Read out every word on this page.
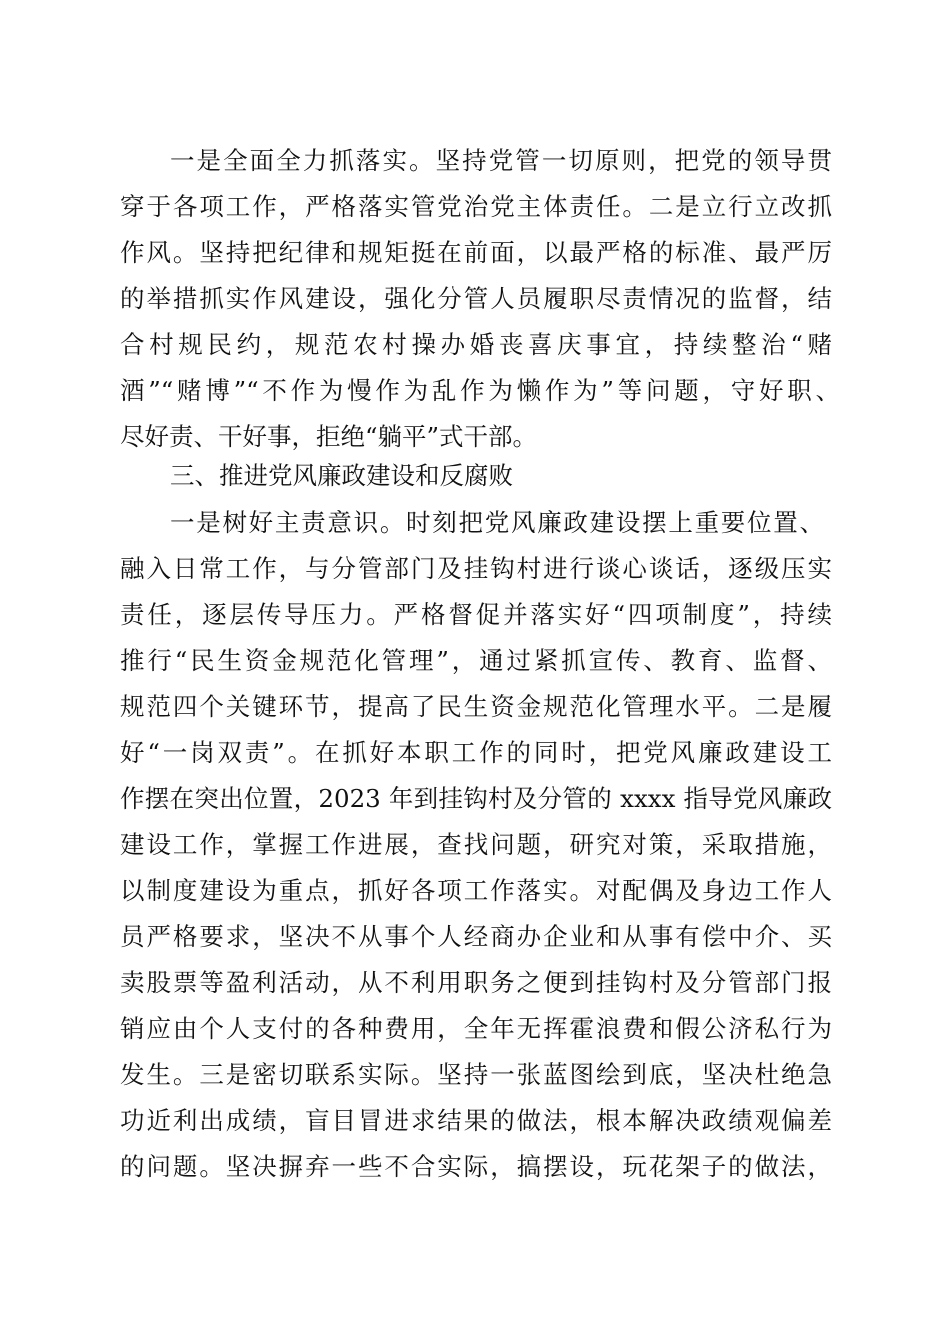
一是全面全力抓落实。坚持党管一切原则，把党的领导贯
穿于各项工作，严格落实管党治党主体责任。二是立行立改抓
作风。坚持把纪律和规矩挺在前面，以最严格的标准、最严厉
的举措抓实作风建设，强化分管人员履职尽责情况的监督，结
合村规民约，规范农村操办婚丧喜庆事宜，持续整治“赌
酒”“赌博”“不作为慢作为乱作为懒作为”等问题，守好职、
尽好责、干好事，拒绝“躺平”式干部。
三、推进党风廉政建设和反腐败
一是树好主责意识。时刻把党风廉政建设摆上重要位置、
融入日常工作，与分管部门及挂钩村进行谈心谈话，逐级压实
责任，逐层传导压力。严格督促并落实好“四项制度”，持续
推行“民生资金规范化管理”，通过紧抓宣传、教育、监督、
规范四个关键环节，提高了民生资金规范化管理水平。二是履
好“一岗双责”。在抓好本职工作的同时，把党风廉政建设工
作摆在突出位置，2023 年到挂钩村及分管的 xxxx 指导党风廉政
建设工作，掌握工作进展，查找问题，研究对策，采取措施，
以制度建设为重点，抓好各项工作落实。对配偶及身边工作人
员严格要求，坚决不从事个人经商办企业和从事有偿中介、买
卖股票等盈利活动，从不利用职务之便到挂钩村及分管部门报
销应由个人支付的各种费用，全年无挥霍浪费和假公济私行为
发生。三是密切联系实际。坚持一张蓝图绘到底，坚决杜绝急
功近利出成绩，盲目冒进求结果的做法，根本解决政绩观偏差
的问题。坚决摒弃一些不合实际，搞摆设，玩花架子的做法，
